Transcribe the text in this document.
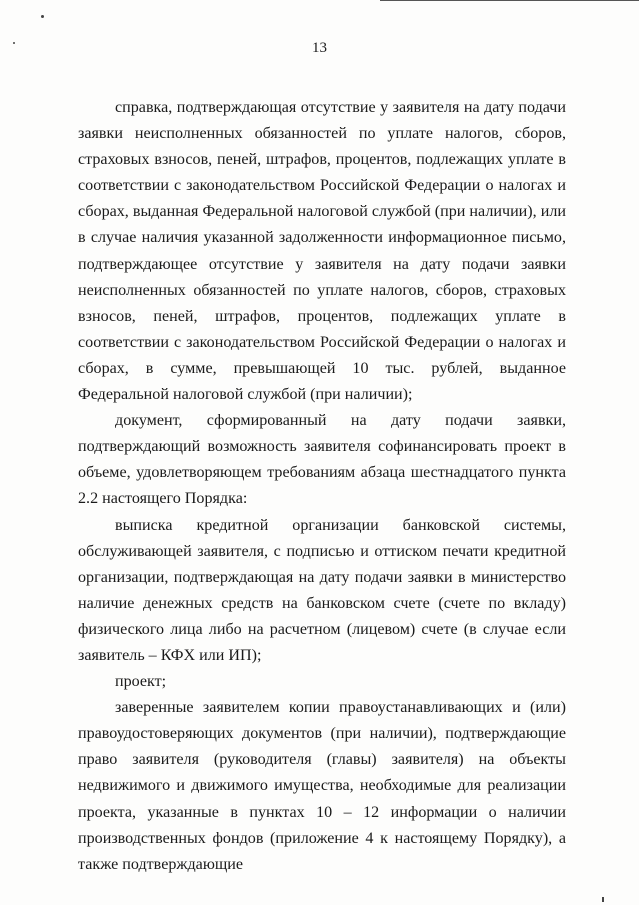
13

справка, подтверждающая отсутствие у заявителя на дату подачи заявки неисполненных обязанностей по уплате налогов, сборов, страховых взносов, пеней, штрафов, процентов, подлежащих уплате в соответствии с законодательством Российской Федерации о налогах и сборах, выданная Федеральной налоговой службой (при наличии), или в случае наличия указанной задолженности информационное письмо, подтверждающее отсутствие у заявителя на дату подачи заявки неисполненных обязанностей по уплате налогов, сборов, страховых взносов, пеней, штрафов, процентов, подлежащих уплате в соответствии с законодательством Российской Федерации о налогах и сборах, в сумме, превышающей 10 тыс. рублей, выданное Федеральной налоговой службой (при наличии);

документ, сформированный на дату подачи заявки, подтверждающий возможность заявителя софинансировать проект в объеме, удовлетворяющем требованиям абзаца шестнадцатого пункта 2.2 настоящего Порядка:

выписка кредитной организации банковской системы, обслуживающей заявителя, с подписью и оттиском печати кредитной организации, подтверждающая на дату подачи заявки в министерство наличие денежных средств на банковском счете (счете по вкладу) физического лица либо на расчетном (лицевом) счете (в случае если заявитель – КФХ или ИП);

проект;

заверенные заявителем копии правоустанавливающих и (или) правоудостоверяющих документов (при наличии), подтверждающие право заявителя (руководителя (главы) заявителя) на объекты недвижимого и движимого имущества, необходимые для реализации проекта, указанные в пунктах 10 – 12 информации о наличии производственных фондов (приложение 4 к настоящему Порядку), а также подтверждающие
